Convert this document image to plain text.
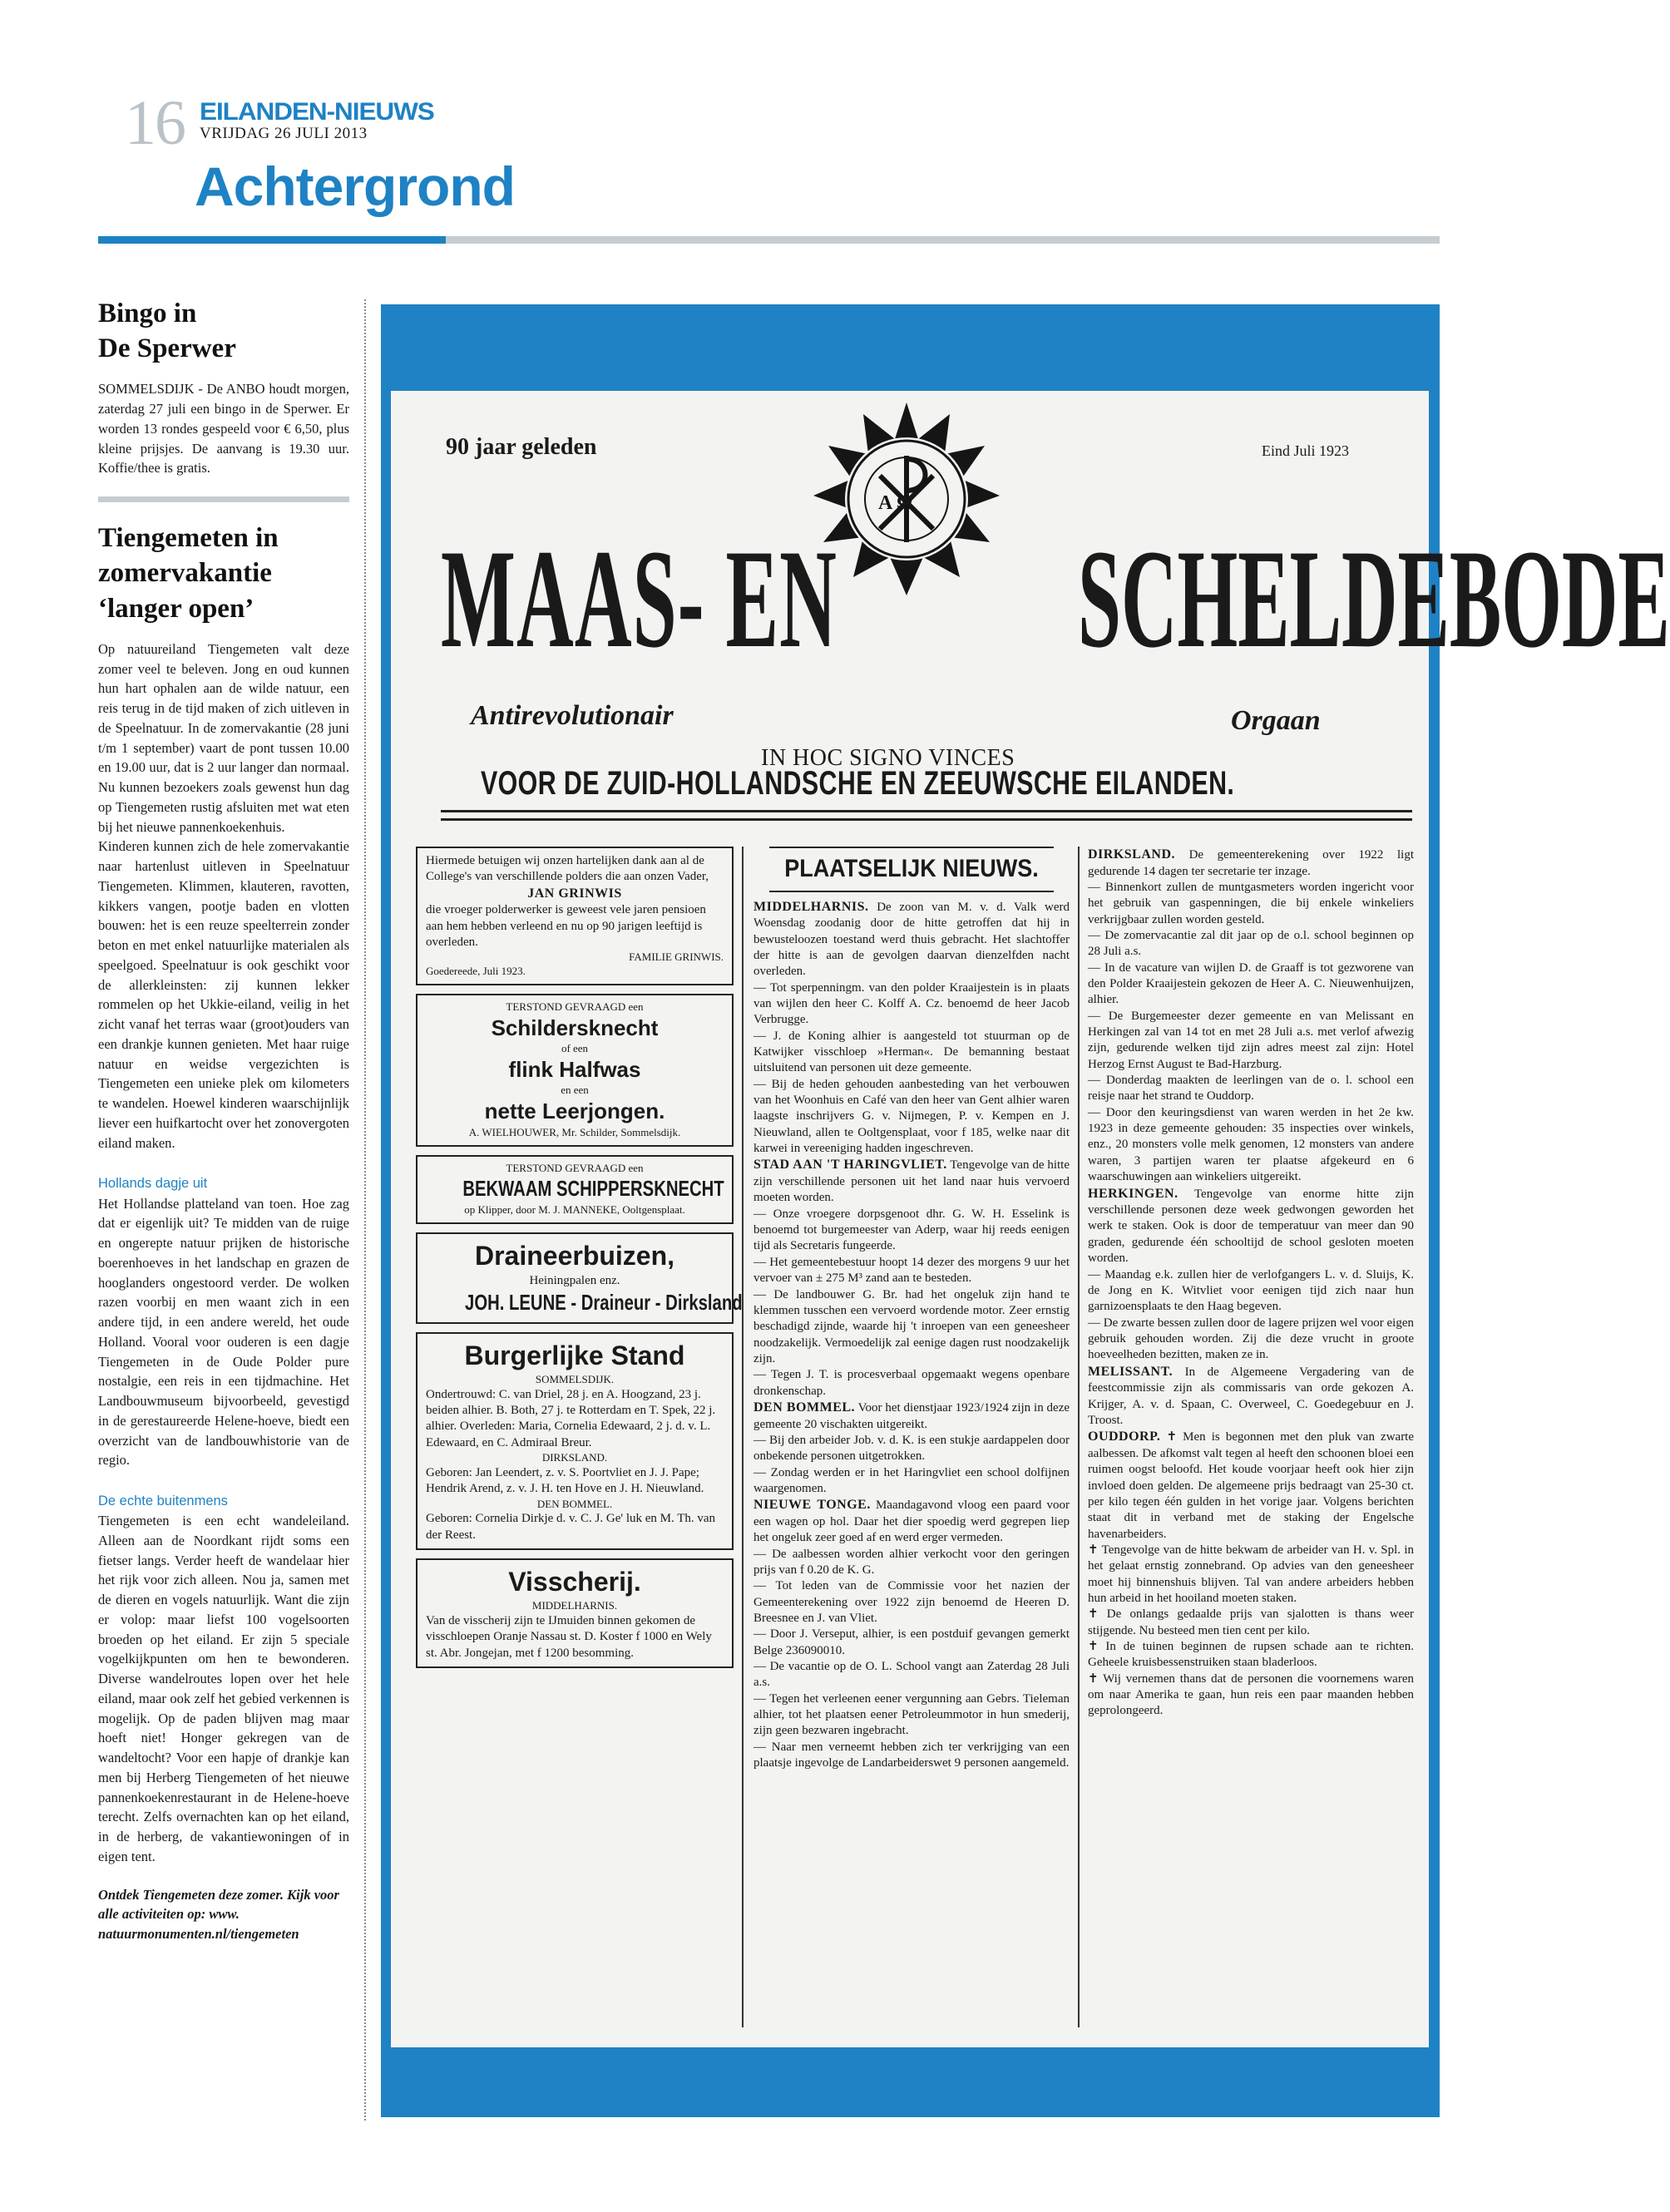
16 EILANDEN-NIEUWS
VRIJDAG 26 JULI 2013
Achtergrond
Bingo in
De Sperwer
SOMMELSDIJK - De ANBO houdt morgen, zaterdag 27 juli een bingo in de Sperwer. Er worden 13 rondes gespeeld voor € 6,50, plus kleine prijsjes. De aanvang is 19.30 uur. Koffie/thee is gratis.
Tiengemeten in
zomervakantie
‘langer open’

Op natuureiland Tiengemeten valt deze zomer veel te beleven. Jong en oud kunnen hun hart ophalen aan de wilde natuur, een reis terug in de tijd maken of zich uitleven in de Speelnatuur. In de zomervakantie (28 juni t/m 1 september) vaart de pont tussen 10.00 en 19.00 uur, dat is 2 uur langer dan normaal. Nu kunnen bezoekers zoals gewenst hun dag op Tiengemeten rustig afsluiten met wat eten bij het nieuwe pannenkoekenhuis.

Kinderen kunnen zich de hele zomervakantie naar hartenlust uitleven in Speelnatuur Tiengemeten. Klimmen, klauteren, ravotten, kikkers vangen, pootje baden en vlotten bouwen: het is een reuze speelterrein zonder beton en met enkel natuurlijke materialen als speelgoed. Speelnatuur is ook geschikt voor de allerkleinsten: zij kunnen lekker rommelen op het Ukkie-eiland, veilig in het zicht vanaf het terras waar (groot)ouders van een drankje kunnen genieten. Met haar ruige natuur en weidse vergezichten is Tiengemeten een unieke plek om kilometers te wandelen. Hoewel kinderen waarschijnlijk liever een huifkartocht over het zonovergoten eiland maken.

Hollands dagje uit

Het Hollandse platteland van toen. Hoe zag dat er eigenlijk uit? Te midden van de ruige en ongerepte natuur prijken de historische boerenhoeves in het landschap en grazen de hooglanders ongestoord verder. De wolken razen voorbij en men waant zich in een andere tijd, in een andere wereld, het oude Holland. Vooral voor ouderen is een dagje Tiengemeten in de Oude Polder pure nostalgie, een reis in een tijdmachine. Het Landbouwmuseum bijvoorbeeld, gevestigd in de gerestaureerde Helene-hoeve, biedt een overzicht van de landbouwhistorie van de regio.

De echte buitenmens

Tiengemeten is een echt wandeleiland. Alleen aan de Noordkant rijdt soms een fietser langs. Verder heeft de wandelaar hier het rijk voor zich alleen. Nou ja, samen met de dieren en vogels natuurlijk. Want die zijn er volop: maar liefst 100 vogelsoorten broeden op het eiland. Er zijn 5 speciale vogelkijkpunten om hen te bewonderen. Diverse wandelroutes lopen over het hele eiland, maar ook zelf het gebied verkennen is mogelijk. Op de paden blijven mag maar hoeft niet! Honger gekregen van de wandeltocht? Voor een hapje of drankje kan men bij Herberg Tiengemeten of het nieuwe pannenkoekenrestaurant in de Helene-hoeve terecht. Zelfs overnachten kan op het eiland, in de herberg, de vakantiewoningen of in eigen tent.

Ontdek Tiengemeten deze zomer. Kijk voor alle activiteiten op: www. natuurmonumenten.nl/tiengemeten
90 jaar geleden	Eind Juli 1923
Α Ω
MAAS- EN SCHELDEBODE
Antirevolutionair	Orgaan
IN HOC SIGNO VINCES
VOOR DE ZUID-HOLLANDSCHE EN ZEEUWSCHE EILANDEN.

Hiermede betuigen wij onzen hartelijken dank aan al de College's van verschillende polders die aan onzen Vader,

JAN GRINWIS

die vroeger polderwerker is geweest vele jaren pensioen aan hem hebben verleend en nu op 90 jarigen leeftijd is overleden.

FAMILIE GRINWIS.

Goedereede, Juli 1923.

TERSTOND GEVRAAGD een

Schildersknecht

of een

flink Halfwas

en een

nette Leerjongen.

A. WIELHOUWER, Mr. Schilder, Sommelsdijk.

TERSTOND GEVRAAGD een

BEKWAAM SCHIPPERSKNECHT

op Klipper, door M. J. MANNEKE, Ooltgensplaat.

Draineerbuizen,

Heiningpalen enz.

JOH. LEUNE - Draineur - Dirksland

Burgerlijke Stand

SOMMELSDIJK.

Ondertrouwd: C. van Driel, 28 j. en A. Hoogzand, 23 j. beiden alhier. B. Both, 27 j. te Rotterdam en T. Spek, 22 j. alhier. Overleden: Maria, Cornelia Edewaard, 2 j. d. v. L. Edewaard, en C. Admiraal Breur.

DIRKSLAND.

Geboren: Jan Leendert, z. v. S. Poortvliet en J. J. Pape; Hendrik Arend, z. v. J. H. ten Hove en J. H. Nieuwland.

DEN BOMMEL.

Geboren: Cornelia Dirkje d. v. C. J. Ge' luk en M. Th. van der Reest.

Visscherij.

MIDDELHARNIS.

Van de visscherij zijn te IJmuiden binnen gekomen de visschloepen Oranje Nassau st. D. Koster f 1000 en Wely st. Abr. Jongejan, met f 1200 besomming.

PLAATSELIJK NIEUWS.

MIDDELHARNIS. De zoon van M. v. d. Valk werd Woensdag zoodanig door de hitte getroffen dat hij in bewusteloozen toestand werd thuis gebracht. Het slachtoffer der hitte is aan de gevolgen daarvan dienzelfden nacht overleden.

— Tot sperpenningm. van den polder Kraaijestein is in plaats van wijlen den heer C. Kolff A. Cz. benoemd de heer Jacob Verbrugge.

— J. de Koning alhier is aangesteld tot stuurman op de Katwijker visschloep »Herman«. De bemanning bestaat uitsluitend van personen uit deze gemeente.

— Bij de heden gehouden aanbesteding van het verbouwen van het Woonhuis en Café van den heer van Gent alhier waren laagste inschrijvers G. v. Nijmegen, P. v. Kempen en J. Nieuwland, allen te Ooltgensplaat, voor f 185, welke naar dit karwei in vereeniging hadden ingeschreven.

STAD AAN 'T HARINGVLIET. Tengevolge van de hitte zijn verschillende personen uit het land naar huis vervoerd moeten worden.

— Onze vroegere dorpsgenoot dhr. G. W. H. Esselink is benoemd tot burgemeester van Aderp, waar hij reeds eenigen tijd als Secretaris fungeerde.

— Het gemeentebestuur hoopt 14 dezer des morgens 9 uur het vervoer van ± 275 M³ zand aan te besteden.

— De landbouwer G. Br. had het ongeluk zijn hand te klemmen tusschen een vervoerd wordende motor. Zeer ernstig beschadigd zijnde, waarde hij 't inroepen van een geneesheer noodzakelijk. Vermoedelijk zal eenige dagen rust noodzakelijk zijn.

— Tegen J. T. is procesverbaal opgemaakt wegens openbare dronkenschap.

DEN BOMMEL. Voor het dienstjaar 1923/1924 zijn in deze gemeente 20 vischakten uitgereikt.

— Bij den arbeider Job. v. d. K. is een stukje aardappelen door onbekende personen uitgetrokken.

— Zondag werden er in het Haringvliet een school dolfijnen waargenomen.

NIEUWE TONGE. Maandagavond vloog een paard voor een wagen op hol. Daar het dier spoedig werd gegrepen liep het ongeluk zeer goed af en werd erger vermeden.

— De aalbessen worden alhier verkocht voor den geringen prijs van f 0.20 de K. G.

— Tot leden van de Commissie voor het nazien der Gemeenterekening over 1922 zijn benoemd de Heeren D. Breesnee en J. van Vliet.

— Door J. Verseput, alhier, is een postduif gevangen gemerkt Belge 236090010.

— De vacantie op de O. L. School vangt aan Zaterdag 28 Juli a.s.

— Tegen het verleenen eener vergunning aan Gebrs. Tieleman alhier, tot het plaatsen eener Petroleummotor in hun smederij, zijn geen bezwaren ingebracht.

— Naar men verneemt hebben zich ter verkrijging van een plaatsje ingevolge de Landarbeiderswet 9 personen aangemeld.

DIRKSLAND. De gemeenterekening over 1922 ligt gedurende 14 dagen ter secretarie ter inzage.

— Binnenkort zullen de muntgasmeters worden ingericht voor het gebruik van gaspenningen, die bij enkele winkeliers verkrijgbaar zullen worden gesteld.

— De zomervacantie zal dit jaar op de o.l. school beginnen op 28 Juli a.s.

— In de vacature van wijlen D. de Graaff is tot gezworene van den Polder Kraaijestein gekozen de Heer A. C. Nieuwenhuijzen, alhier.

— De Burgemeester dezer gemeente en van Melissant en Herkingen zal van 14 tot en met 28 Juli a.s. met verlof afwezig zijn, gedurende welken tijd zijn adres meest zal zijn: Hotel Herzog Ernst August te Bad-Harzburg.

— Donderdag maakten de leerlingen van de o. l. school een reisje naar het strand te Ouddorp.

— Door den keuringsdienst van waren werden in het 2e kw. 1923 in deze gemeente gehouden: 35 inspecties over winkels, enz., 20 monsters volle melk genomen, 12 monsters van andere waren, 3 partijen waren ter plaatse afgekeurd en 6 waarschuwingen aan winkeliers uitgereikt.

HERKINGEN. Tengevolge van enorme hitte zijn verschillende personen deze week gedwongen geworden het werk te staken. Ook is door de temperatuur van meer dan 90 graden, gedurende één schooltijd de school gesloten moeten worden.

— Maandag e.k. zullen hier de verlofgangers L. v. d. Sluijs, K. de Jong en K. Witvliet voor eenigen tijd zich naar hun garnizoensplaats te den Haag begeven.

— De zwarte bessen zullen door de lagere prijzen wel voor eigen gebruik gehouden worden. Zij die deze vrucht in groote hoeveelheden bezitten, maken ze in.

MELISSANT. In de Algemeene Vergadering van de feestcommissie zijn als commissaris van orde gekozen A. Krijger, A. v. d. Spaan, C. Overweel, C. Goedegebuur en J. Troost.

OUDDORP. ✝ Men is begonnen met den pluk van zwarte aalbessen. De afkomst valt tegen al heeft den schoonen bloei een ruimen oogst beloofd. Het koude voorjaar heeft ook hier zijn invloed doen gelden. De algemeene prijs bedraagt van 25-30 ct. per kilo tegen één gulden in het vorige jaar. Volgens berichten staat dit in verband met de staking der Engelsche havenarbeiders.

✝ Tengevolge van de hitte bekwam de arbeider van H. v. Spl. in het gelaat ernstig zonnebrand. Op advies van den geneesheer moet hij binnenshuis blijven. Tal van andere arbeiders hebben hun arbeid in het hooiland moeten staken.

✝ De onlangs gedaalde prijs van sjalotten is thans weer stijgende. Nu besteed men tien cent per kilo.

✝ In de tuinen beginnen de rupsen schade aan te richten. Geheele kruisbessenstruiken staan bladerloos.

✝ Wij vernemen thans dat de personen die voornemens waren om naar Amerika te gaan, hun reis een paar maanden hebben geprolongeerd.
